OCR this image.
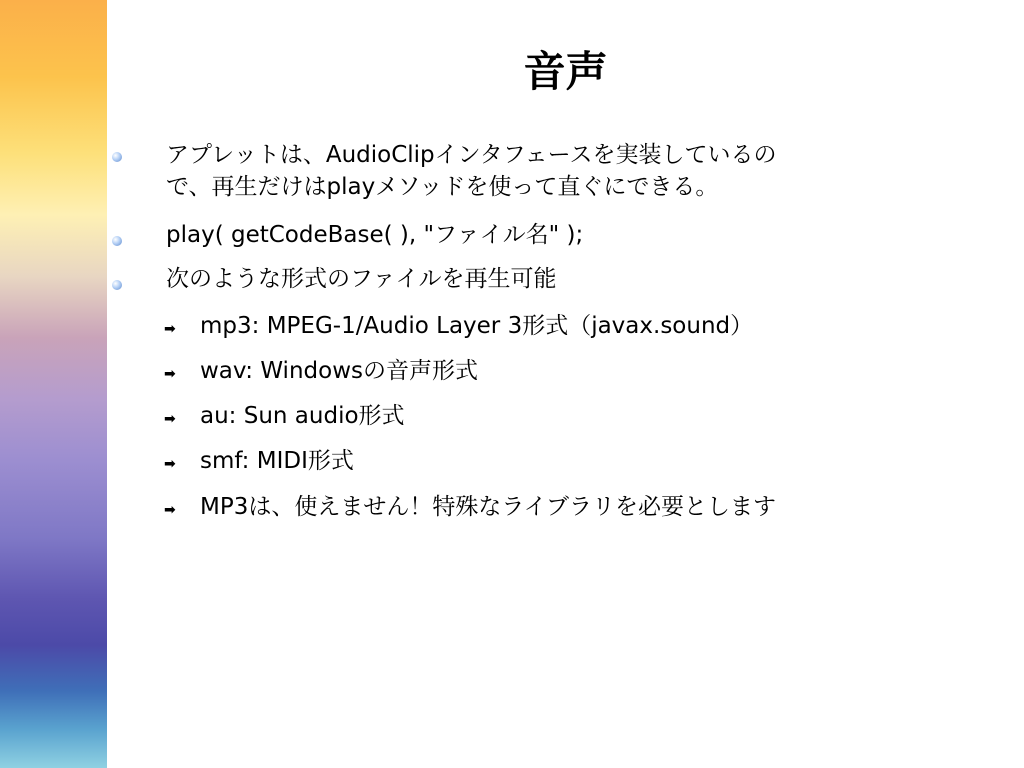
音声
アプレットは、AudioClipインタフェースを実装しているの
で、再生だけはplayメソッドを使って直ぐにできる。
play( getCodeBase( ), "ファイル名" );
次のような形式のファイルを再生可能
➡ mp3: MPEG-1/Audio Layer 3形式（javax.sound）
➡ wav: Windowsの音声形式
➡ au: Sun audio形式
➡ smf: MIDI形式
➡ MP3は、使えません！特殊なライブラリを必要とします
